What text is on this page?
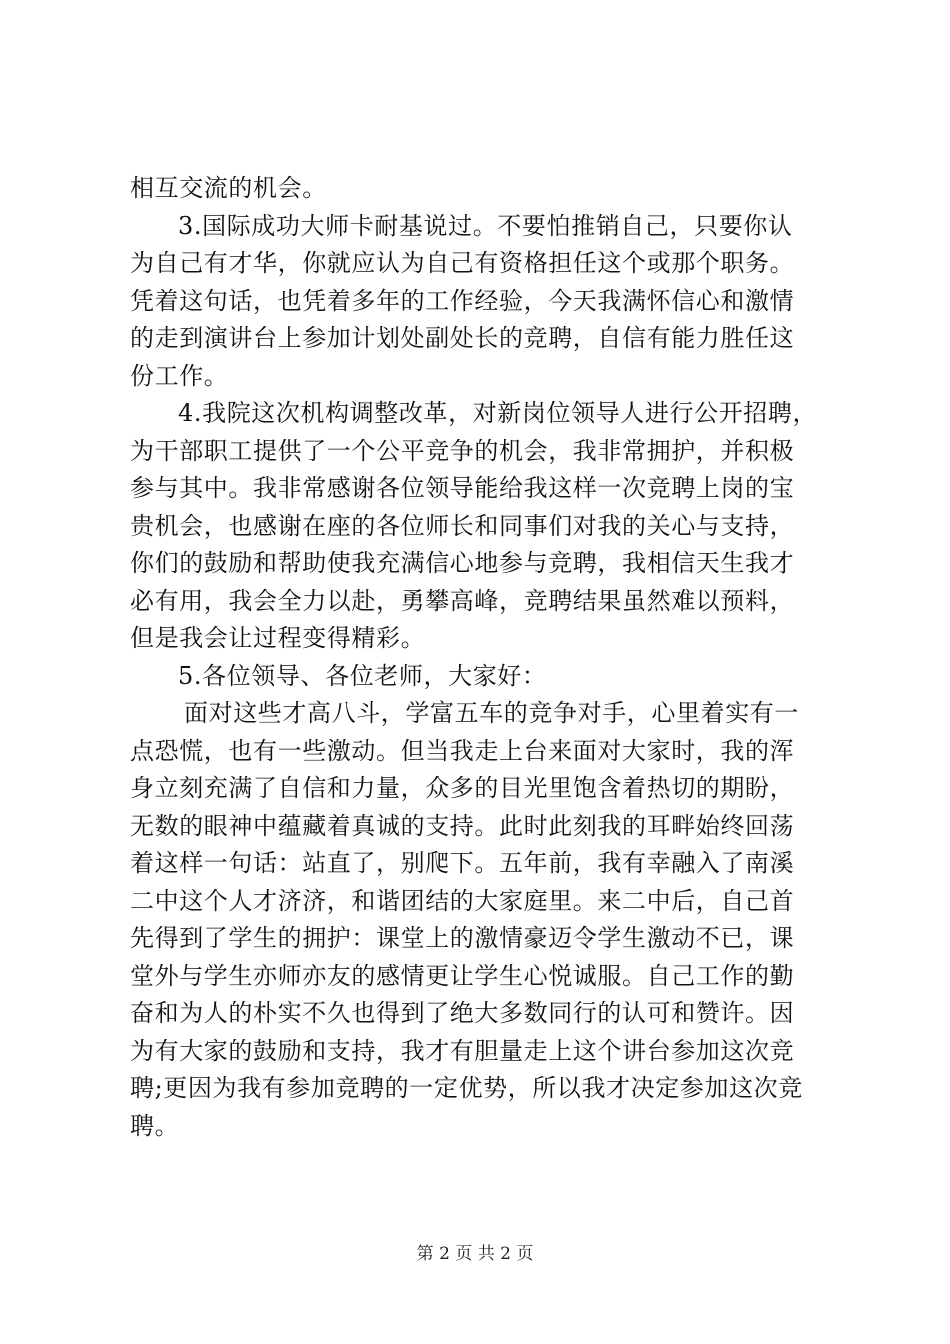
相互交流的机会。
3.国际成功大师卡耐基说过。不要怕推销自己，只要你认
为自己有才华，你就应认为自己有资格担任这个或那个职务。
凭着这句话，也凭着多年的工作经验，今天我满怀信心和激情
的走到演讲台上参加计划处副处长的竞聘，自信有能力胜任这
份工作。
4.我院这次机构调整改革，对新岗位领导人进行公开招聘，
为干部职工提供了一个公平竞争的机会，我非常拥护，并积极
参与其中。我非常感谢各位领导能给我这样一次竞聘上岗的宝
贵机会，也感谢在座的各位师长和同事们对我的关心与支持，
你们的鼓励和帮助使我充满信心地参与竞聘，我相信天生我才
必有用，我会全力以赴，勇攀高峰，竞聘结果虽然难以预料，
但是我会让过程变得精彩。
5.各位领导、各位老师，大家好：
面对这些才高八斗，学富五车的竞争对手，心里着实有一
点恐慌，也有一些激动。但当我走上台来面对大家时，我的浑
身立刻充满了自信和力量，众多的目光里饱含着热切的期盼，
无数的眼神中蕴藏着真诚的支持。此时此刻我的耳畔始终回荡
着这样一句话：站直了，别爬下。五年前，我有幸融入了南溪
二中这个人才济济，和谐团结的大家庭里。来二中后，自己首
先得到了学生的拥护：课堂上的激情豪迈令学生激动不已，课
堂外与学生亦师亦友的感情更让学生心悦诚服。自己工作的勤
奋和为人的朴实不久也得到了绝大多数同行的认可和赞许。因
为有大家的鼓励和支持，我才有胆量走上这个讲台参加这次竞
聘;更因为我有参加竞聘的一定优势，所以我才决定参加这次竞
聘。
第 2 页 共 2 页
